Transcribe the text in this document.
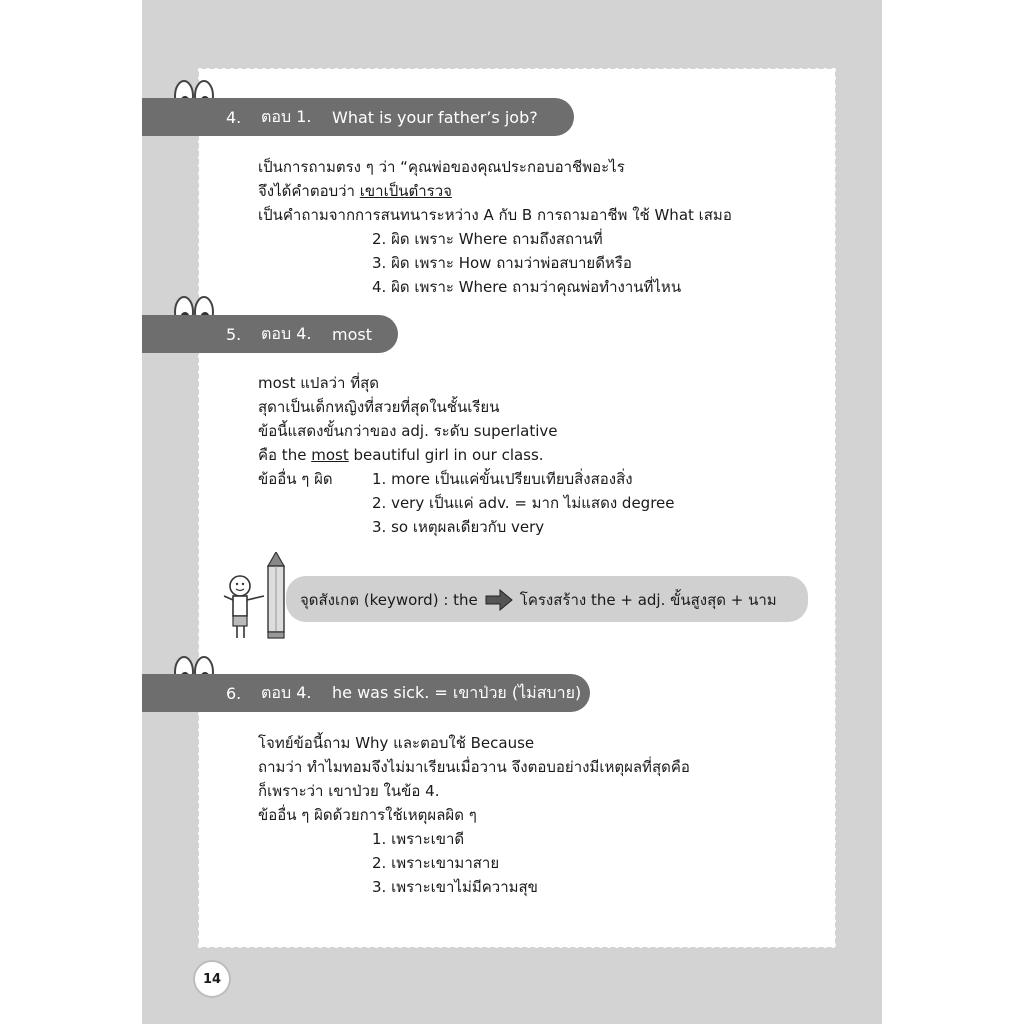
4. ตอบ 1. What is your father’s job?
เป็นการถามตรง ๆ ว่า “คุณพ่อของคุณประกอบอาชีพอะไร
จึงได้คำตอบว่า เขาเป็นตำรวจ
เป็นคำถามจากการสนทนาระหว่าง A กับ B การถามอาชีพ ใช้ What เสมอ
2. ผิด เพราะ Where ถามถึงสถานที่
3. ผิด เพราะ How ถามว่าพ่อสบายดีหรือ
4. ผิด เพราะ Where ถามว่าคุณพ่อทำงานที่ไหน
5. ตอบ 4. most
most แปลว่า ที่สุด
สุดาเป็นเด็กหญิงที่สวยที่สุดในชั้นเรียน
ข้อนี้แสดงขั้นกว่าของ adj. ระดับ superlative
คือ the most beautiful girl in our class.
ข้ออื่น ๆ ผิด	1. more เป็นแค่ขั้นเปรียบเทียบสิ่งสองสิ่ง
2. very เป็นแค่ adv. = มาก ไม่แสดง degree
3. so เหตุผลเดียวกับ very
จุดสังเกต (keyword) : the	โครงสร้าง the + adj. ขั้นสูงสุด + นาม
6. ตอบ 4. he was sick. = เขาป่วย (ไม่สบาย)
โจทย์ข้อนี้ถาม Why และตอบใช้ Because
ถามว่า ทำไมทอมจึงไม่มาเรียนเมื่อวาน จึงตอบอย่างมีเหตุผลที่สุดคือ
ก็เพราะว่า เขาป่วย ในข้อ 4.
ข้ออื่น ๆ ผิดด้วยการใช้เหตุผลผิด ๆ
1. เพราะเขาดี
2. เพราะเขามาสาย
3. เพราะเขาไม่มีความสุข
14
